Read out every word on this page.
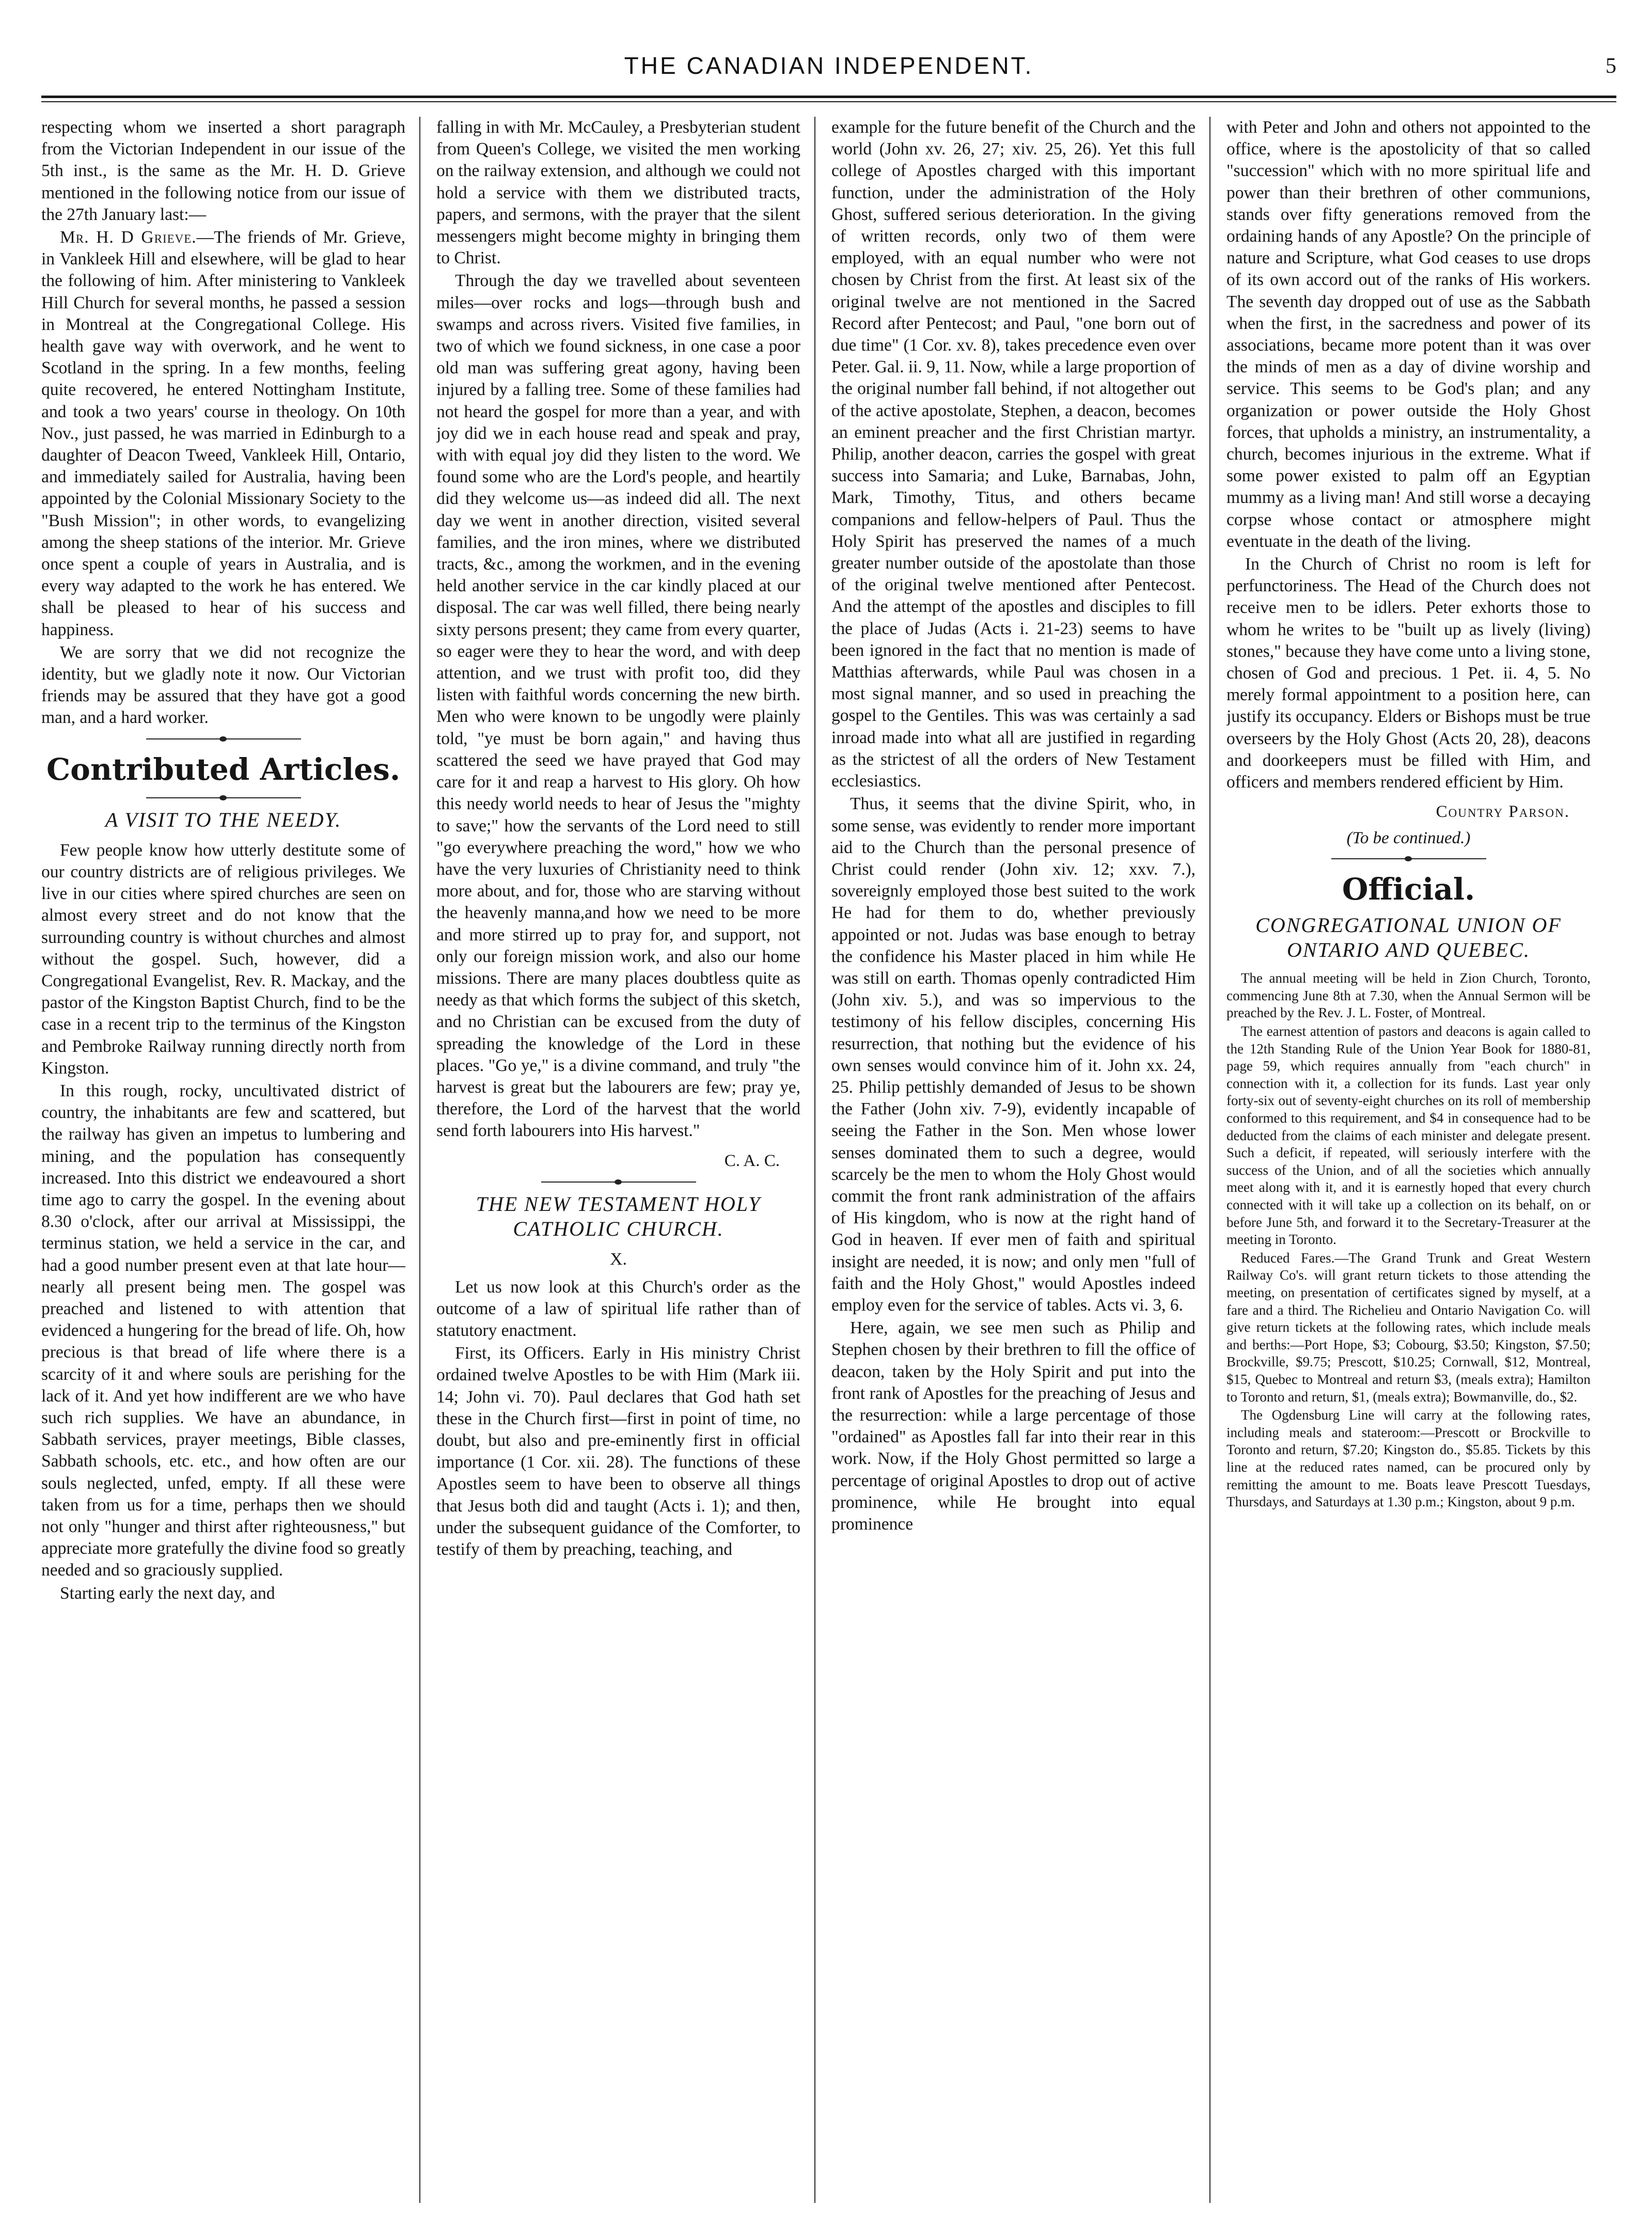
THE CANADIAN INDEPENDENT.	5

respecting whom we inserted a short paragraph from the Victorian Independent in our issue of the 5th inst., is the same as the Mr. H. D. Grieve mentioned in the following notice from our issue of the 27th January last:—

Mr. H. D Grieve.—The friends of Mr. Grieve, in Vankleek Hill and elsewhere, will be glad to hear the following of him. After ministering to Vankleek Hill Church for several months, he passed a session in Montreal at the Congregational College. His health gave way with overwork, and he went to Scotland in the spring. In a few months, feeling quite recovered, he entered Nottingham Institute, and took a two years' course in theology. On 10th Nov., just passed, he was married in Edinburgh to a daughter of Deacon Tweed, Vankleek Hill, Ontario, and immediately sailed for Australia, having been appointed by the Colonial Missionary Society to the "Bush Mission"; in other words, to evangelizing among the sheep stations of the interior. Mr. Grieve once spent a couple of years in Australia, and is every way adapted to the work he has entered. We shall be pleased to hear of his success and happiness.

We are sorry that we did not recognize the identity, but we gladly note it now. Our Victorian friends may be assured that they have got a good man, and a hard worker.

Contributed Articles.
A VISIT TO THE NEEDY.

Few people know how utterly destitute some of our country districts are of religious privileges. We live in our cities where spired churches are seen on almost every street and do not know that the surrounding country is without churches and almost without the gospel. Such, however, did a Congregational Evangelist, Rev. R. Mackay, and the pastor of the Kingston Baptist Church, find to be the case in a recent trip to the terminus of the Kingston and Pembroke Railway running directly north from Kingston.

In this rough, rocky, uncultivated district of country, the inhabitants are few and scattered, but the railway has given an impetus to lumbering and mining, and the population has consequently increased. Into this district we endeavoured a short time ago to carry the gospel. In the evening about 8.30 o'clock, after our arrival at Mississippi, the terminus station, we held a service in the car, and had a good number present even at that late hour—nearly all present being men. The gospel was preached and listened to with attention that evidenced a hungering for the bread of life. Oh, how precious is that bread of life where there is a scarcity of it and where souls are perishing for the lack of it. And yet how indifferent are we who have such rich supplies. We have an abundance, in Sabbath services, prayer meetings, Bible classes, Sabbath schools, etc. etc., and how often are our souls neglected, unfed, empty. If all these were taken from us for a time, perhaps then we should not only "hunger and thirst after righteousness," but appreciate more gratefully the divine food so greatly needed and so graciously supplied.

Starting early the next day, and

falling in with Mr. McCauley, a Presbyterian student from Queen's College, we visited the men working on the railway extension, and although we could not hold a service with them we distributed tracts, papers, and sermons, with the prayer that the silent messengers might become mighty in bringing them to Christ.

Through the day we travelled about seventeen miles—over rocks and logs—through bush and swamps and across rivers. Visited five families, in two of which we found sickness, in one case a poor old man was suffering great agony, having been injured by a falling tree. Some of these families had not heard the gospel for more than a year, and with joy did we in each house read and speak and pray, with with equal joy did they listen to the word. We found some who are the Lord's people, and heartily did they welcome us—as indeed did all. The next day we went in another direction, visited several families, and the iron mines, where we distributed tracts, &c., among the workmen, and in the evening held another service in the car kindly placed at our disposal. The car was well filled, there being nearly sixty persons present; they came from every quarter, so eager were they to hear the word, and with deep attention, and we trust with profit too, did they listen with faithful words concerning the new birth. Men who were known to be ungodly were plainly told, "ye must be born again," and having thus scattered the seed we have prayed that God may care for it and reap a harvest to His glory. Oh how this needy world needs to hear of Jesus the "mighty to save;" how the servants of the Lord need to still "go everywhere preaching the word," how we who have the very luxuries of Christianity need to think more about, and for, those who are starving without the heavenly manna,and how we need to be more and more stirred up to pray for, and support, not only our foreign mission work, and also our home missions. There are many places doubtless quite as needy as that which forms the subject of this sketch, and no Christian can be excused from the duty of spreading the knowledge of the Lord in these places. "Go ye," is a divine command, and truly "the harvest is great but the labourers are few; pray ye, therefore, the Lord of the harvest that the world send forth labourers into His harvest."

C. A. C.
THE NEW TESTAMENT HOLY CATHOLIC CHURCH.
X.

Let us now look at this Church's order as the outcome of a law of spiritual life rather than of statutory enactment.

First, its Officers. Early in His ministry Christ ordained twelve Apostles to be with Him (Mark iii. 14; John vi. 70). Paul declares that God hath set these in the Church first—first in point of time, no doubt, but also and pre-eminently first in official importance (1 Cor. xii. 28). The functions of these Apostles seem to have been to observe all things that Jesus both did and taught (Acts i. 1); and then, under the subsequent guidance of the Comforter, to testify of them by preaching, teaching, and

example for the future benefit of the Church and the world (John xv. 26, 27; xiv. 25, 26). Yet this full college of Apostles charged with this important function, under the administration of the Holy Ghost, suffered serious deterioration. In the giving of written records, only two of them were employed, with an equal number who were not chosen by Christ from the first. At least six of the original twelve are not mentioned in the Sacred Record after Pentecost; and Paul, "one born out of due time" (1 Cor. xv. 8), takes precedence even over Peter. Gal. ii. 9, 11. Now, while a large proportion of the original number fall behind, if not altogether out of the active apostolate, Stephen, a deacon, becomes an eminent preacher and the first Christian martyr. Philip, another deacon, carries the gospel with great success into Samaria; and Luke, Barnabas, John, Mark, Timothy, Titus, and others became companions and fellow-helpers of Paul. Thus the Holy Spirit has preserved the names of a much greater number outside of the apostolate than those of the original twelve mentioned after Pentecost. And the attempt of the apostles and disciples to fill the place of Judas (Acts i. 21-23) seems to have been ignored in the fact that no mention is made of Matthias afterwards, while Paul was chosen in a most signal manner, and so used in preaching the gospel to the Gentiles. This was was certainly a sad inroad made into what all are justified in regarding as the strictest of all the orders of New Testament ecclesiastics.

Thus, it seems that the divine Spirit, who, in some sense, was evidently to render more important aid to the Church than the personal presence of Christ could render (John xiv. 12; xxv. 7.), sovereignly employed those best suited to the work He had for them to do, whether previously appointed or not. Judas was base enough to betray the confidence his Master placed in him while He was still on earth. Thomas openly contradicted Him (John xiv. 5.), and was so impervious to the testimony of his fellow disciples, concerning His resurrection, that nothing but the evidence of his own senses would convince him of it. John xx. 24, 25. Philip pettishly demanded of Jesus to be shown the Father (John xiv. 7-9), evidently incapable of seeing the Father in the Son. Men whose lower senses dominated them to such a degree, would scarcely be the men to whom the Holy Ghost would commit the front rank administration of the affairs of His kingdom, who is now at the right hand of God in heaven. If ever men of faith and spiritual insight are needed, it is now; and only men "full of faith and the Holy Ghost," would Apostles indeed employ even for the service of tables. Acts vi. 3, 6.

Here, again, we see men such as Philip and Stephen chosen by their brethren to fill the office of deacon, taken by the Holy Spirit and put into the front rank of Apostles for the preaching of Jesus and the resurrection: while a large percentage of those "ordained" as Apostles fall far into their rear in this work. Now, if the Holy Ghost permitted so large a percentage of original Apostles to drop out of active prominence, while He brought into equal prominence

with Peter and John and others not appointed to the office, where is the apostolicity of that so called "succession" which with no more spiritual life and power than their brethren of other communions, stands over fifty generations removed from the ordaining hands of any Apostle? On the principle of nature and Scripture, what God ceases to use drops of its own accord out of the ranks of His workers. The seventh day dropped out of use as the Sabbath when the first, in the sacredness and power of its associations, became more potent than it was over the minds of men as a day of divine worship and service. This seems to be God's plan; and any organization or power outside the Holy Ghost forces, that upholds a ministry, an instrumentality, a church, becomes injurious in the extreme. What if some power existed to palm off an Egyptian mummy as a living man! And still worse a decaying corpse whose contact or atmosphere might eventuate in the death of the living.

In the Church of Christ no room is left for perfunctoriness. The Head of the Church does not receive men to be idlers. Peter exhorts those to whom he writes to be "built up as lively (living) stones," because they have come unto a living stone, chosen of God and precious. 1 Pet. ii. 4, 5. No merely formal appointment to a position here, can justify its occupancy. Elders or Bishops must be true overseers by the Holy Ghost (Acts 20, 28), deacons and doorkeepers must be filled with Him, and officers and members rendered efficient by Him.

Country Parson.
(To be continued.)
Official.
CONGREGATIONAL UNION OF ONTARIO AND QUEBEC.

The annual meeting will be held in Zion Church, Toronto, commencing June 8th at 7.30, when the Annual Sermon will be preached by the Rev. J. L. Foster, of Montreal.

The earnest attention of pastors and deacons is again called to the 12th Standing Rule of the Union Year Book for 1880-81, page 59, which requires annually from "each church" in connection with it, a collection for its funds. Last year only forty-six out of seventy-eight churches on its roll of membership conformed to this requirement, and $4 in consequence had to be deducted from the claims of each minister and delegate present. Such a deficit, if repeated, will seriously interfere with the success of the Union, and of all the societies which annually meet along with it, and it is earnestly hoped that every church connected with it will take up a collection on its behalf, on or before June 5th, and forward it to the Secretary-Treasurer at the meeting in Toronto.

Reduced Fares.—The Grand Trunk and Great Western Railway Co's. will grant return tickets to those attending the meeting, on presentation of certificates signed by myself, at a fare and a third. The Richelieu and Ontario Navigation Co. will give return tickets at the following rates, which include meals and berths:—Port Hope, $3; Cobourg, $3.50; Kingston, $7.50; Brockville, $9.75; Prescott, $10.25; Cornwall, $12, Montreal, $15, Quebec to Montreal and return $3, (meals extra); Hamilton to Toronto and return, $1, (meals extra); Bowmanville, do., $2.

The Ogdensburg Line will carry at the following rates, including meals and stateroom:—Prescott or Brockville to Toronto and return, $7.20; Kingston do., $5.85. Tickets by this line at the reduced rates named, can be procured only by remitting the amount to me. Boats leave Prescott Tuesdays, Thursdays, and Saturdays at 1.30 p.m.; Kingston, about 9 p.m.
